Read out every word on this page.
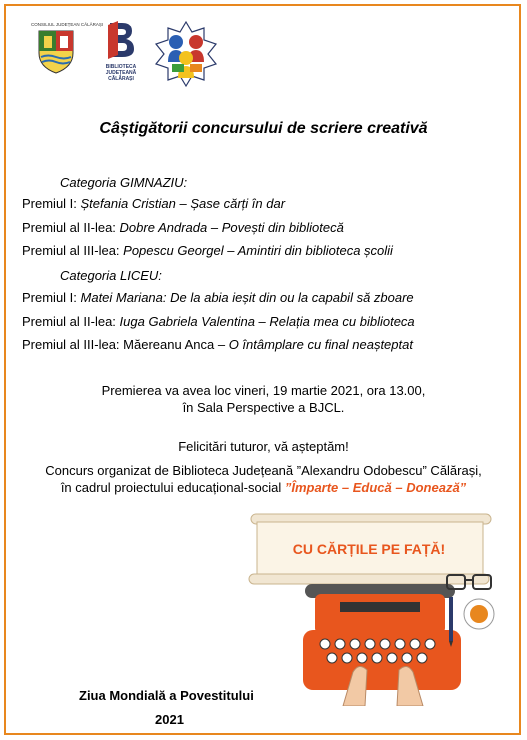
CONSILIUL JUDEȚEAN CĂLĂRAȘI
BIBLIOTECA
JUDEȚEANĂ
CĂLĂRAȘI
Câștigătorii concursului de scriere creativă
Categoria GIMNAZIU:
Premiul I: Ștefania Cristian – Șase cărți în dar
Premiul al II-lea: Dobre Andrada – Povești din bibliotecă
Premiul al III-lea: Popescu Georgel – Amintiri din biblioteca școlii
Categoria LICEU:
Premiul I: Matei Mariana: De la abia ieșit din ou la capabil să zboare
Premiul al II-lea: Iuga Gabriela Valentina – Relația mea cu biblioteca
Premiul al III-lea: Măereanu Anca – O întâmplare cu final neașteptat
Premierea va avea loc vineri, 19 martie 2021, ora 13.00,
în Sala Perspective a BJCL.
Felicitări tuturor, vă așteptăm!
Concurs organizat de Biblioteca Județeană ”Alexandru Odobescu” Călărași,
în cadrul proiectului educațional-social ”Împarte – Educă – Donează”
CU CĂRȚILE PE FAȚĂ!
Ziua Mondială a Povestitului
2021
